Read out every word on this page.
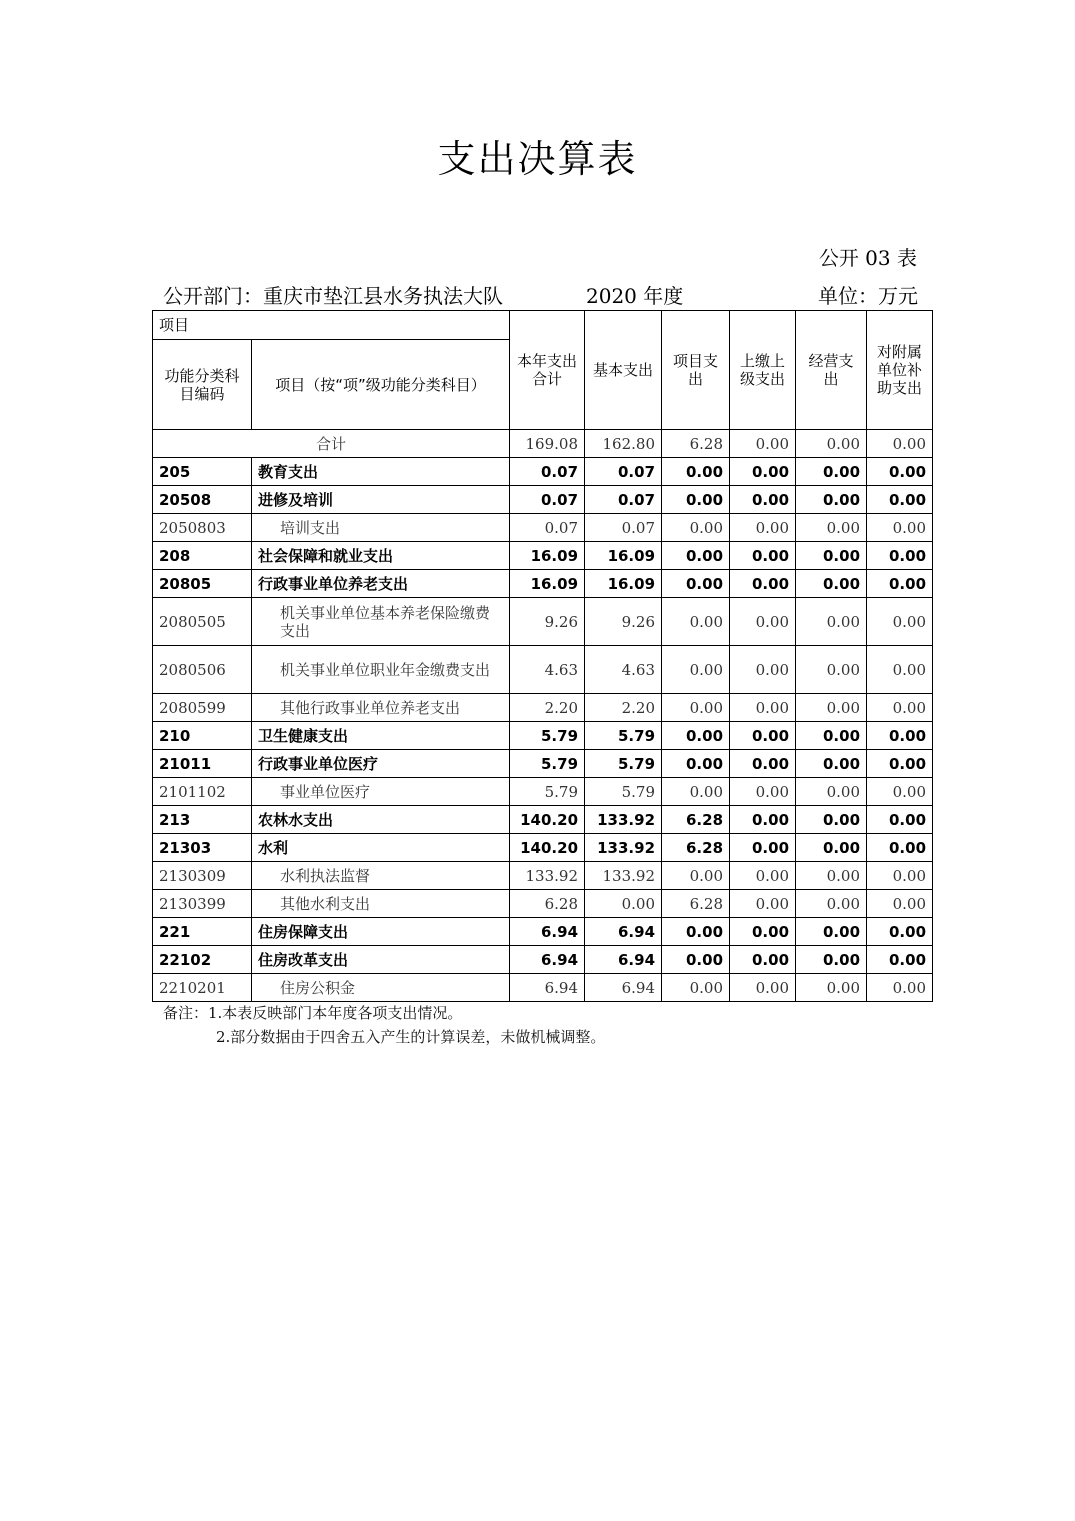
支出决算表
公开 03 表
公开部门：重庆市垫江县水务执法大队	2020 年度	单位：万元
项目		本年支出合计	基本支出	项目支出	上缴上级支出	经营支出	对附属单位补助支出
功能分类科目编码	项目（按“项”级功能分类科目）						
合计		169.08	162.80	6.28	0.00	0.00	0.00
205	教育支出	0.07	0.07	0.00	0.00	0.00	0.00
20508	进修及培训	0.07	0.07	0.00	0.00	0.00	0.00
2050803	培训支出	0.07	0.07	0.00	0.00	0.00	0.00
208	社会保障和就业支出	16.09	16.09	0.00	0.00	0.00	0.00
20805	行政事业单位养老支出	16.09	16.09	0.00	0.00	0.00	0.00
2080505	机关事业单位基本养老保险缴费支出	9.26	9.26	0.00	0.00	0.00	0.00
2080506	机关事业单位职业年金缴费支出	4.63	4.63	0.00	0.00	0.00	0.00
2080599	其他行政事业单位养老支出	2.20	2.20	0.00	0.00	0.00	0.00
210	卫生健康支出	5.79	5.79	0.00	0.00	0.00	0.00
21011	行政事业单位医疗	5.79	5.79	0.00	0.00	0.00	0.00
2101102	事业单位医疗	5.79	5.79	0.00	0.00	0.00	0.00
213	农林水支出	140.20	133.92	6.28	0.00	0.00	0.00
21303	水利	140.20	133.92	6.28	0.00	0.00	0.00
2130309	水利执法监督	133.92	133.92	0.00	0.00	0.00	0.00
2130399	其他水利支出	6.28	0.00	6.28	0.00	0.00	0.00
221	住房保障支出	6.94	6.94	0.00	0.00	0.00	0.00
22102	住房改革支出	6.94	6.94	0.00	0.00	0.00	0.00
2210201	住房公积金	6.94	6.94	0.00	0.00	0.00	0.00
备注：1.本表反映部门本年度各项支出情况。
2.部分数据由于四舍五入产生的计算误差，未做机械调整。
